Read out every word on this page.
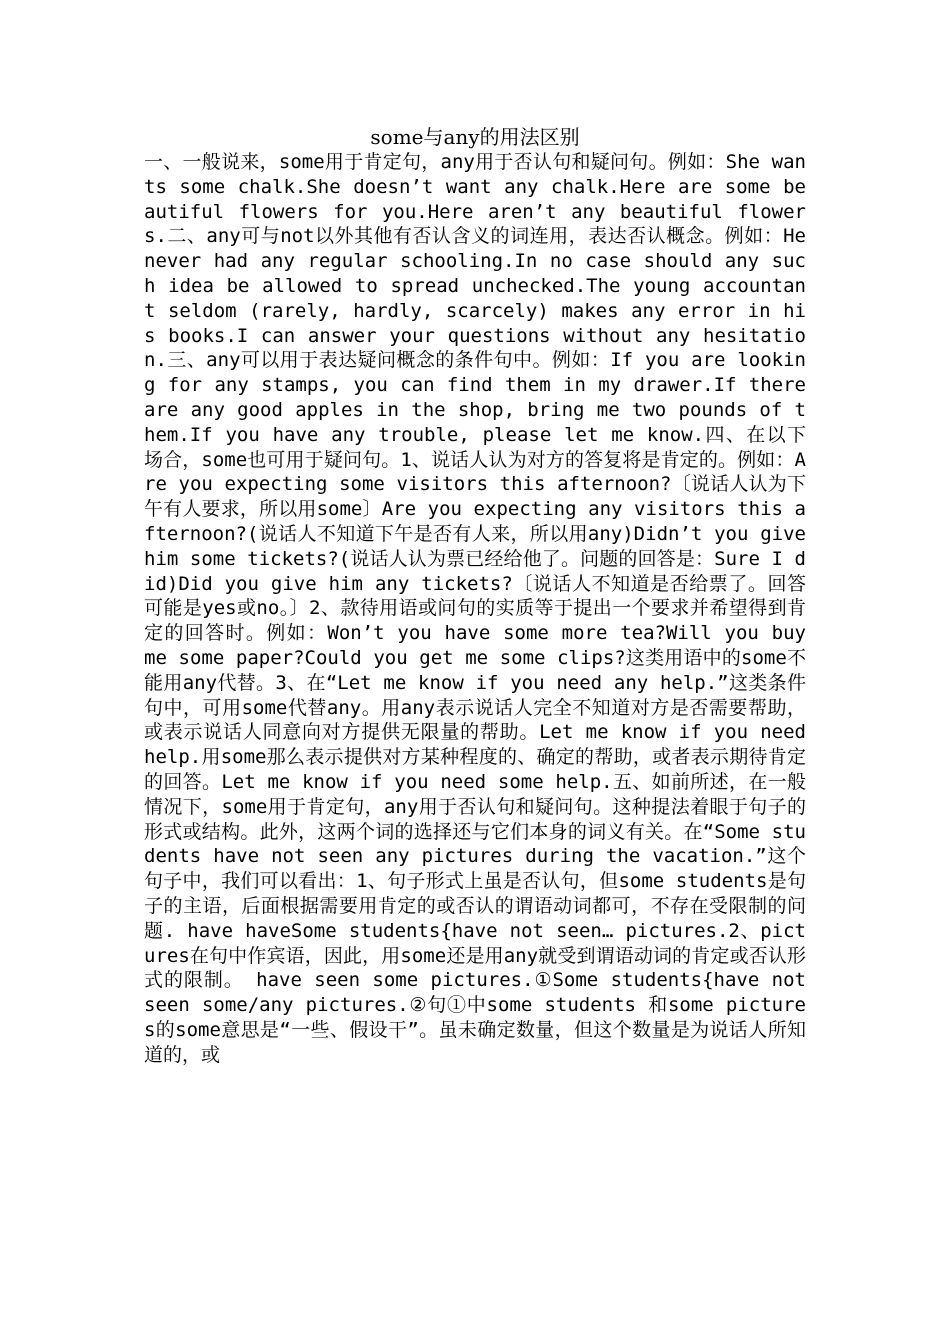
some与any的用法区别

一、一般说来，some用于肯定句，any用于否认句和疑问句。例如：She wants some chalk.She doesn’t want any chalk.Here are some beautiful flowers for you.Here aren’t any beautiful flowers.二、any可与not以外其他有否认含义的词连用，表达否认概念。例如：He never had any regular schooling.In no case should any such idea be allowed to spread unchecked.The young accountant seldom (rarely, hardly, scarcely) makes any error in his books.I can answer your questions without any hesitation.三、any可以用于表达疑问概念的条件句中。例如：If you are looking for any stamps, you can find them in my drawer.If there are any good apples in the shop, bring me two pounds of them.If you have any trouble, please let me know.四、在以下场合，some也可用于疑问句。1、说话人认为对方的答复将是肯定的。例如：Are you expecting some visitors this afternoon?〔说话人认为下午有人要求，所以用some〕Are you expecting any visitors this afternoon?(说话人不知道下午是否有人来，所以用any)Didn’t you give him some tickets?(说话人认为票已经给他了。问题的回答是：Sure I did)Did you give him any tickets?〔说话人不知道是否给票了。回答可能是yes或no。〕2、款待用语或问句的实质等于提出一个要求并希望得到肯定的回答时。例如：Won’t you have some more tea?Will you buy me some paper?Could you get me some clips?这类用语中的some不能用any代替。3、在“Let me know if you need any help.”这类条件句中，可用some代替any。用any表示说话人完全不知道对方是否需要帮助，或表示说话人同意向对方提供无限量的帮助。Let me know if you need help.用some那么表示提供对方某种程度的、确定的帮助，或者表示期待肯定的回答。Let me know if you need some help.五、如前所述，在一般情况下，some用于肯定句，any用于否认句和疑问句。这种提法着眼于句子的形式或结构。此外，这两个词的选择还与它们本身的词义有关。在“Some students have not seen any pictures during the vacation.”这个句子中，我们可以看出：1、句子形式上虽是否认句，但some students是句子的主语，后面根据需要用肯定的或否认的谓语动词都可，不存在受限制的问题. have haveSome students{have not seen… pictures.2、pictures在句中作宾语，因此，用some还是用any就受到谓语动词的肯定或否认形式的限制。 have seen some pictures.①Some students{have not seen some/any pictures.②句①中some students 和some pictures的some意思是“一些、假设干”。虽未确定数量，但这个数量是为说话人所知道的，或
